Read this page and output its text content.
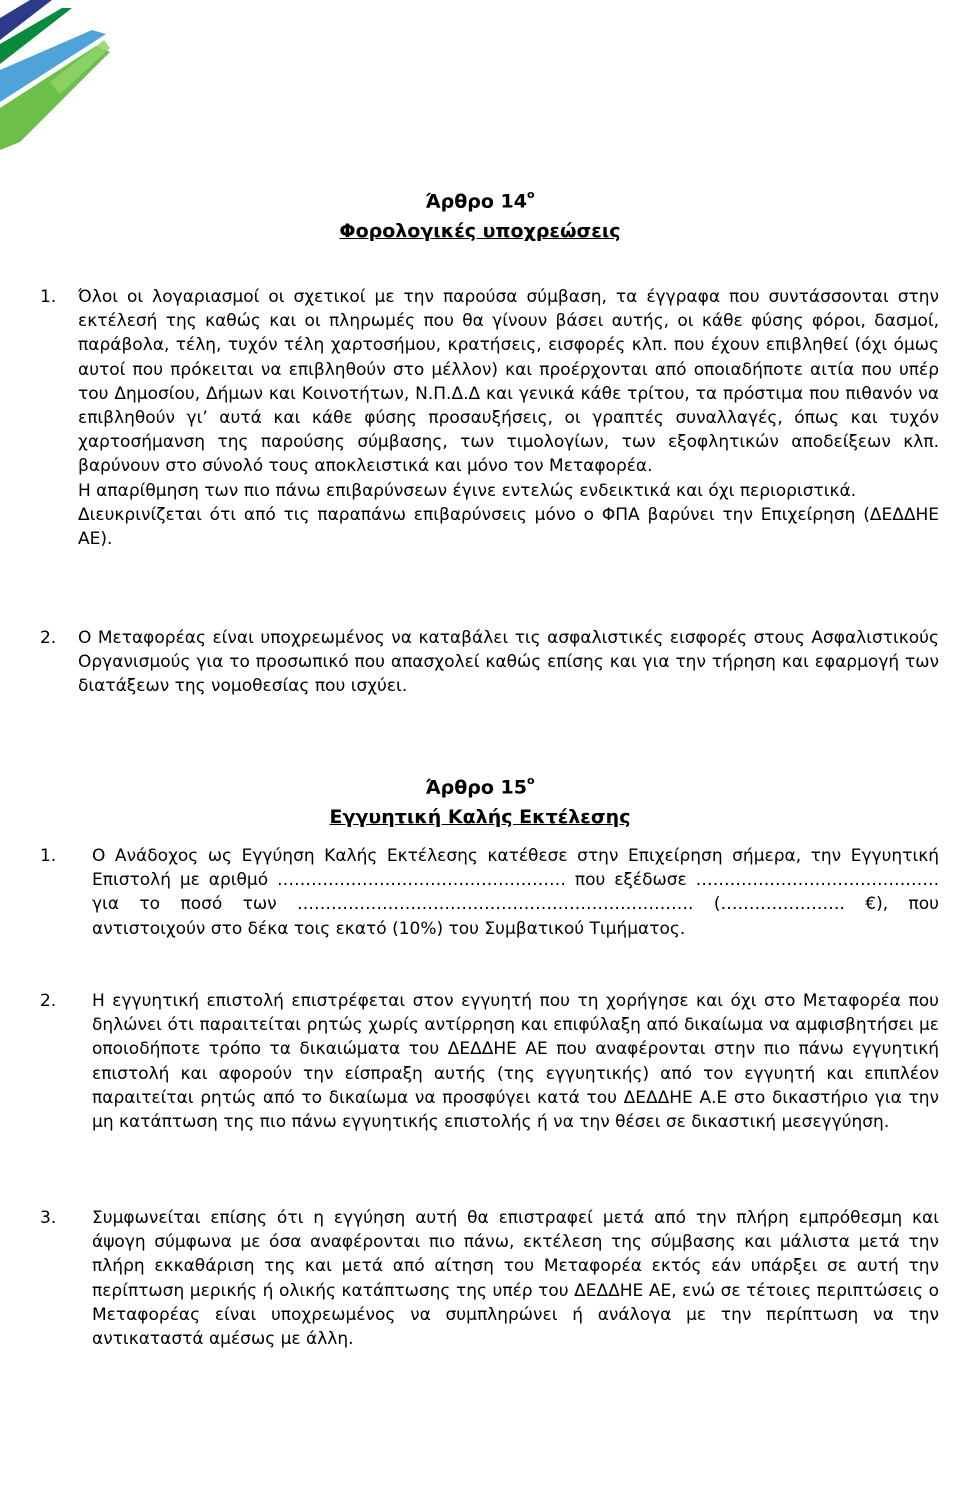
Άρθρο $14^o$
Φορολογικές υποχρεώσεις
1. Όλοι οι λογαριασμοί οι σχετικοί με την παρούσα σύμβαση, τα έγγραφα που συντάσσονται στην εκτέλεσή της καθώς και οι πληρωμές που θα γίνουν βάσει αυτής, οι κάθε φύσης φόροι, δασμοί, παράβολα, τέλη, τυχόν τέλη χαρτοσήμου, κρατήσεις, εισφορές κλπ. που έχουν επιβληθεί (όχι όμως αυτοί που πρόκειται να επιβληθούν στο μέλλον) και προέρχονται από οποιαδήποτε αιτία που υπέρ του Δημοσίου, Δήμων και Κοινοτήτων, Ν.Π.Δ.Δ και γενικά κάθε τρίτου, τα πρόστιμα που πιθανόν να επιβληθούν γι’ αυτά και κάθε φύσης προσαυξήσεις, οι γραπτές συναλλαγές, όπως και τυχόν χαρτοσήμανση της παρούσης σύμβασης, των τιμολογίων, των εξοφλητικών αποδείξεων κλπ. βαρύνουν στο σύνολό τους αποκλειστικά και μόνο τον Μεταφορέα.

Η απαρίθμηση των πιο πάνω επιβαρύνσεων έγινε εντελώς ενδεικτικά και όχι περιοριστικά.

Διευκρινίζεται ότι από τις παραπάνω επιβαρύνσεις μόνο ο ΦΠΑ βαρύνει την Επιχείρηση (ΔΕΔΔΗΕ ΑΕ).

2. Ο Μεταφορέας είναι υποχρεωμένος να καταβάλει τις ασφαλιστικές εισφορές στους Ασφαλιστικούς Οργανισμούς για το προσωπικό που απασχολεί καθώς επίσης και για την τήρηση και εφαρμογή των διατάξεων της νομοθεσίας που ισχύει.

Άρθρο $15^o$
Εγγυητική Καλής Εκτέλεσης
1. Ο Ανάδοχος ως Εγγύηση Καλής Εκτέλεσης κατέθεσε στην Επιχείρηση σήμερα, την Εγγυητική Επιστολή με αριθμό …………………………………………… που εξέδωσε ……………………………………. για το ποσό των ……………………………………………………………. (…………………. €), που αντιστοιχούν στο δέκα τοις εκατό (10%) του Συμβατικού Τιμήματος.

2. Η εγγυητική επιστολή επιστρέφεται στον εγγυητή που τη χορήγησε και όχι στο Μεταφορέα που δηλώνει ότι παραιτείται ρητώς χωρίς αντίρρηση και επιφύλαξη από δικαίωμα να αμφισβητήσει με οποιοδήποτε τρόπο τα δικαιώματα του ΔΕΔΔΗΕ ΑΕ που αναφέρονται στην πιο πάνω εγγυητική επιστολή και αφορούν την είσπραξη αυτής (της εγγυητικής) από τον εγγυητή και επιπλέον παραιτείται ρητώς από το δικαίωμα να προσφύγει κατά του ΔΕΔΔΗΕ Α.Ε στο δικαστήριο για την μη κατάπτωση της πιο πάνω εγγυητικής επιστολής ή να την θέσει σε δικαστική μεσεγγύηση.

3. Συμφωνείται επίσης ότι η εγγύηση αυτή θα επιστραφεί μετά από την πλήρη εμπρόθεσμη και άψογη σύμφωνα με όσα αναφέρονται πιο πάνω, εκτέλεση της σύμβασης και μάλιστα μετά την πλήρη εκκαθάριση της και μετά από αίτηση του Μεταφορέα εκτός εάν υπάρξει σε αυτή την περίπτωση μερικής ή ολικής κατάπτωσης της υπέρ του ΔΕΔΔΗΕ ΑΕ, ενώ σε τέτοιες περιπτώσεις ο Μεταφορέας είναι υποχρεωμένος να συμπληρώνει ή ανάλογα με την περίπτωση να την αντικαταστά αμέσως με άλλη.
